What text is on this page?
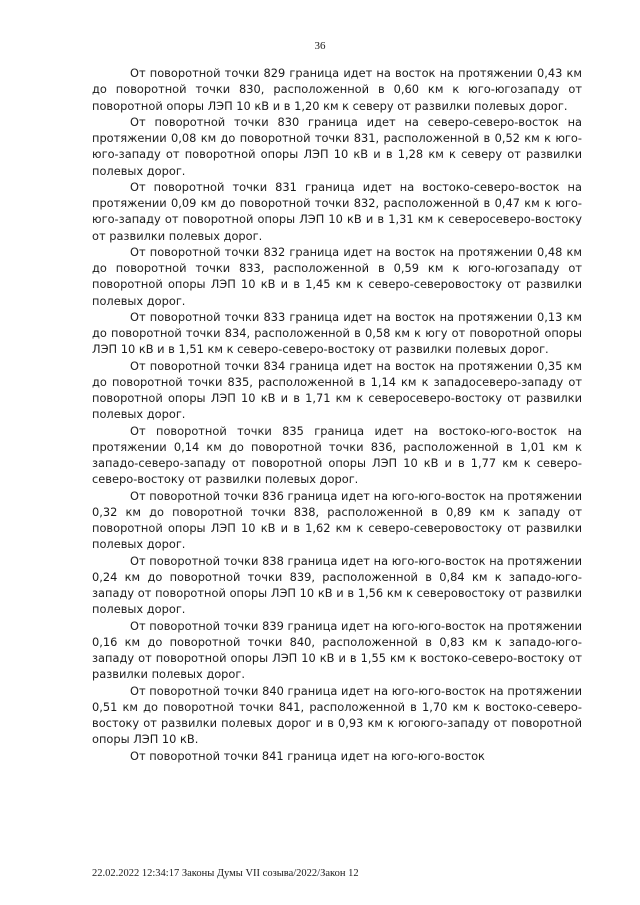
36

От поворотной точки 829 граница идет на восток на протяжении 0,43 км до поворотной точки 830, расположенной в 0,60 км к юго-югозападу от поворотной опоры ЛЭП 10 кВ и в 1,20 км к северу от развилки полевых дорог.

От поворотной точки 830 граница идет на северо-северо-восток на протяжении 0,08 км до поворотной точки 831, расположенной в 0,52 км к юго-юго-западу от поворотной опоры ЛЭП 10 кВ и в 1,28 км к северу от развилки полевых дорог.

От поворотной точки 831 граница идет на востоко-северо-восток на протяжении 0,09 км до поворотной точки 832, расположенной в 0,47 км к юго-юго-западу от поворотной опоры ЛЭП 10 кВ и в 1,31 км к северосеверо-востоку от развилки полевых дорог.

От поворотной точки 832 граница идет на восток на протяжении 0,48 км до поворотной точки 833, расположенной в 0,59 км к юго-югозападу от поворотной опоры ЛЭП 10 кВ и в 1,45 км к северо-северовостоку от развилки полевых дорог.

От поворотной точки 833 граница идет на восток на протяжении 0,13 км до поворотной точки 834, расположенной в 0,58 км к югу от поворотной опоры ЛЭП 10 кВ и в 1,51 км к северо-северо-востоку от развилки полевых дорог.

От поворотной точки 834 граница идет на восток на протяжении 0,35 км до поворотной точки 835, расположенной в 1,14 км к западосеверо-западу от поворотной опоры ЛЭП 10 кВ и в 1,71 км к северосеверо-востоку от развилки полевых дорог.

От поворотной точки 835 граница идет на востоко-юго-восток на протяжении 0,14 км до поворотной точки 836, расположенной в 1,01 км к западо-северо-западу от поворотной опоры ЛЭП 10 кВ и в 1,77 км к северо-северо-востоку от развилки полевых дорог.

От поворотной точки 836 граница идет на юго-юго-восток на протяжении 0,32 км до поворотной точки 838, расположенной в 0,89 км к западу от поворотной опоры ЛЭП 10 кВ и в 1,62 км к северо-северовостоку от развилки полевых дорог.

От поворотной точки 838 граница идет на юго-юго-восток на протяжении 0,24 км до поворотной точки 839, расположенной в 0,84 км к западо-юго-западу от поворотной опоры ЛЭП 10 кВ и в 1,56 км к северовостоку от развилки полевых дорог.

От поворотной точки 839 граница идет на юго-юго-восток на протяжении 0,16 км до поворотной точки 840, расположенной в 0,83 км к западо-юго-западу от поворотной опоры ЛЭП 10 кВ и в 1,55 км к востоко-северо-востоку от развилки полевых дорог.

От поворотной точки 840 граница идет на юго-юго-восток на протяжении 0,51 км до поворотной точки 841, расположенной в 1,70 км к востоко-северо-востоку от развилки полевых дорог и в 0,93 км к югоюго-западу от поворотной опоры ЛЭП 10 кВ.

От поворотной точки 841 граница идет на юго-юго-восток

22.02.2022 12:34:17 Законы Думы VII созыва/2022/Закон 12
